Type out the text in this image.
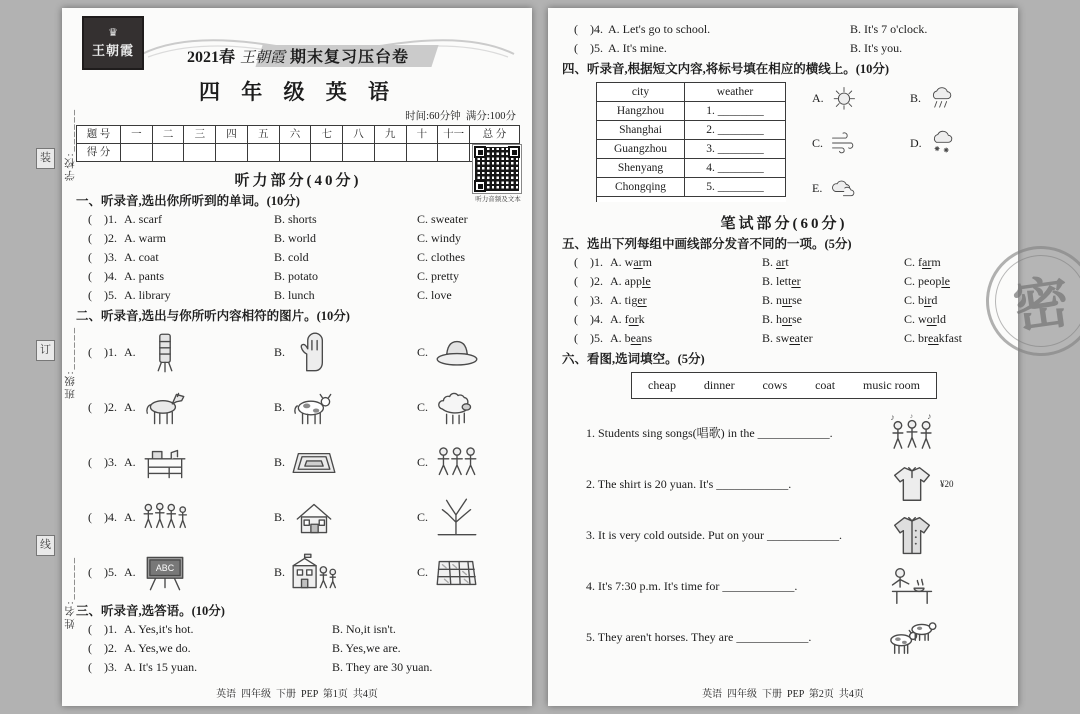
装
订
线
学校:______
班级:______
姓名:______
♛
王朝霞	2021春 王朝霞 期末复习压台卷
四 年 级 英 语
时间:60分钟  满分:100分
题 号	一	二	三	四	五	六	七	八	九	十	十一	总 分
得 分
听力部分(40分)
听力音频及文本
一、听录音,选出你所听到的单词。(10分)
(    )1. A. scarf	B. shorts	C. sweater
(    )2. A. warm	B. world	C. windy
(    )3. A. coat	B. cold	C. clothes
(    )4. A. pants	B. potato	C. pretty
(    )5. A. library	B. lunch	C. love
二、听录音,选出与你所听内容相符的图片。(10分)
(    )1. A.	B.	C.
(    )2. A.	B.	C.
(    )3. A.	B.	C.
(    )4. A.	B.	C.
(    )5. A. ABC	B.	C.
三、听录音,选答语。(10分)
(    )1. A. Yes,it's hot.	B. No,it isn't.
(    )2. A. Yes,we do.	B. Yes,we are.
(    )3. A. It's 15 yuan.	B. They are 30 yuan.
英语  四年级  下册  PEP  第1页  共4页
(    )4. A. Let's go to school.	B. It's 7 o'clock.
(    )5. A. It's mine.	B. It's you.
四、听录音,根据短文内容,将标号填在相应的横线上。(10分)
city	weather
Hangzhou	1. ________
Shanghai	2. ________
Guangzhou	3. ________
Shenyang	4. ________
Chongqing	5. ________
A.	B.
C.	D.
E.
笔试部分(60分)
五、选出下列每组中画线部分发音不同的一项。(5分)
(    )1. A. warm	B. art	C. farm
(    )2. A. apple	B. letter	C. people
(    )3. A. tiger	B. nurse	C. bird
(    )4. A. fork	B. horse	C. world
(    )5. A. beans	B. sweater	C. breakfast
六、看图,选词填空。(5分)
cheap dinner cows coat music room
1. Students sing songs(唱歌) in the ____________.
♪	♪
♪
2. The shirt is 20 yuan. It's ____________.	¥20
3. It is very cold outside. Put on your ____________.
4. It's 7:30 p.m. It's time for ____________.
5. They aren't horses. They are ____________.
英语  四年级  下册  PEP  第2页  共4页
密
